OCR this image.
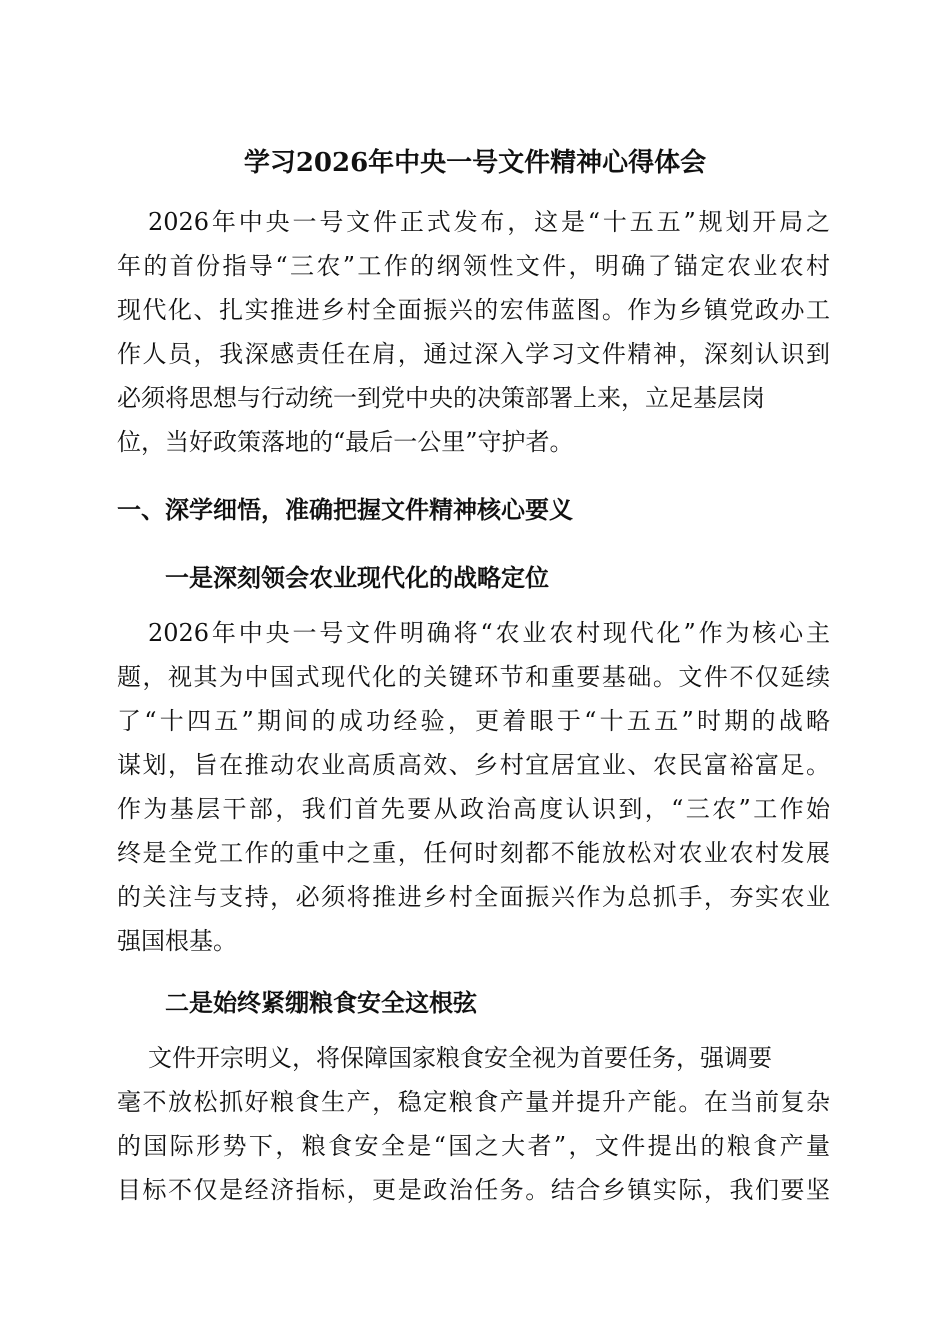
学习2026年中央一号文件精神心得体会
2026年中央一号文件正式发布，这是“十五五”规划开局之
年的首份指导“三农”工作的纲领性文件，明确了锚定农业农村
现代化、扎实推进乡村全面振兴的宏伟蓝图。作为乡镇党政办工
作人员，我深感责任在肩，通过深入学习文件精神，深刻认识到
必须将思想与行动统一到党中央的决策部署上来，立足基层岗
位，当好政策落地的“最后一公里”守护者。
一、深学细悟，准确把握文件精神核心要义
一是深刻领会农业现代化的战略定位
2026年中央一号文件明确将“农业农村现代化”作为核心主
题，视其为中国式现代化的关键环节和重要基础。文件不仅延续
了“十四五”期间的成功经验，更着眼于“十五五”时期的战略
谋划，旨在推动农业高质高效、乡村宜居宜业、农民富裕富足。
作为基层干部，我们首先要从政治高度认识到，“三农”工作始
终是全党工作的重中之重，任何时刻都不能放松对农业农村发展
的关注与支持，必须将推进乡村全面振兴作为总抓手，夯实农业
强国根基。
二是始终紧绷粮食安全这根弦
文件开宗明义，将保障国家粮食安全视为首要任务，强调要
毫不放松抓好粮食生产，稳定粮食产量并提升产能。在当前复杂
的国际形势下，粮食安全是“国之大者”，文件提出的粮食产量
目标不仅是经济指标，更是政治任务。结合乡镇实际，我们要坚
